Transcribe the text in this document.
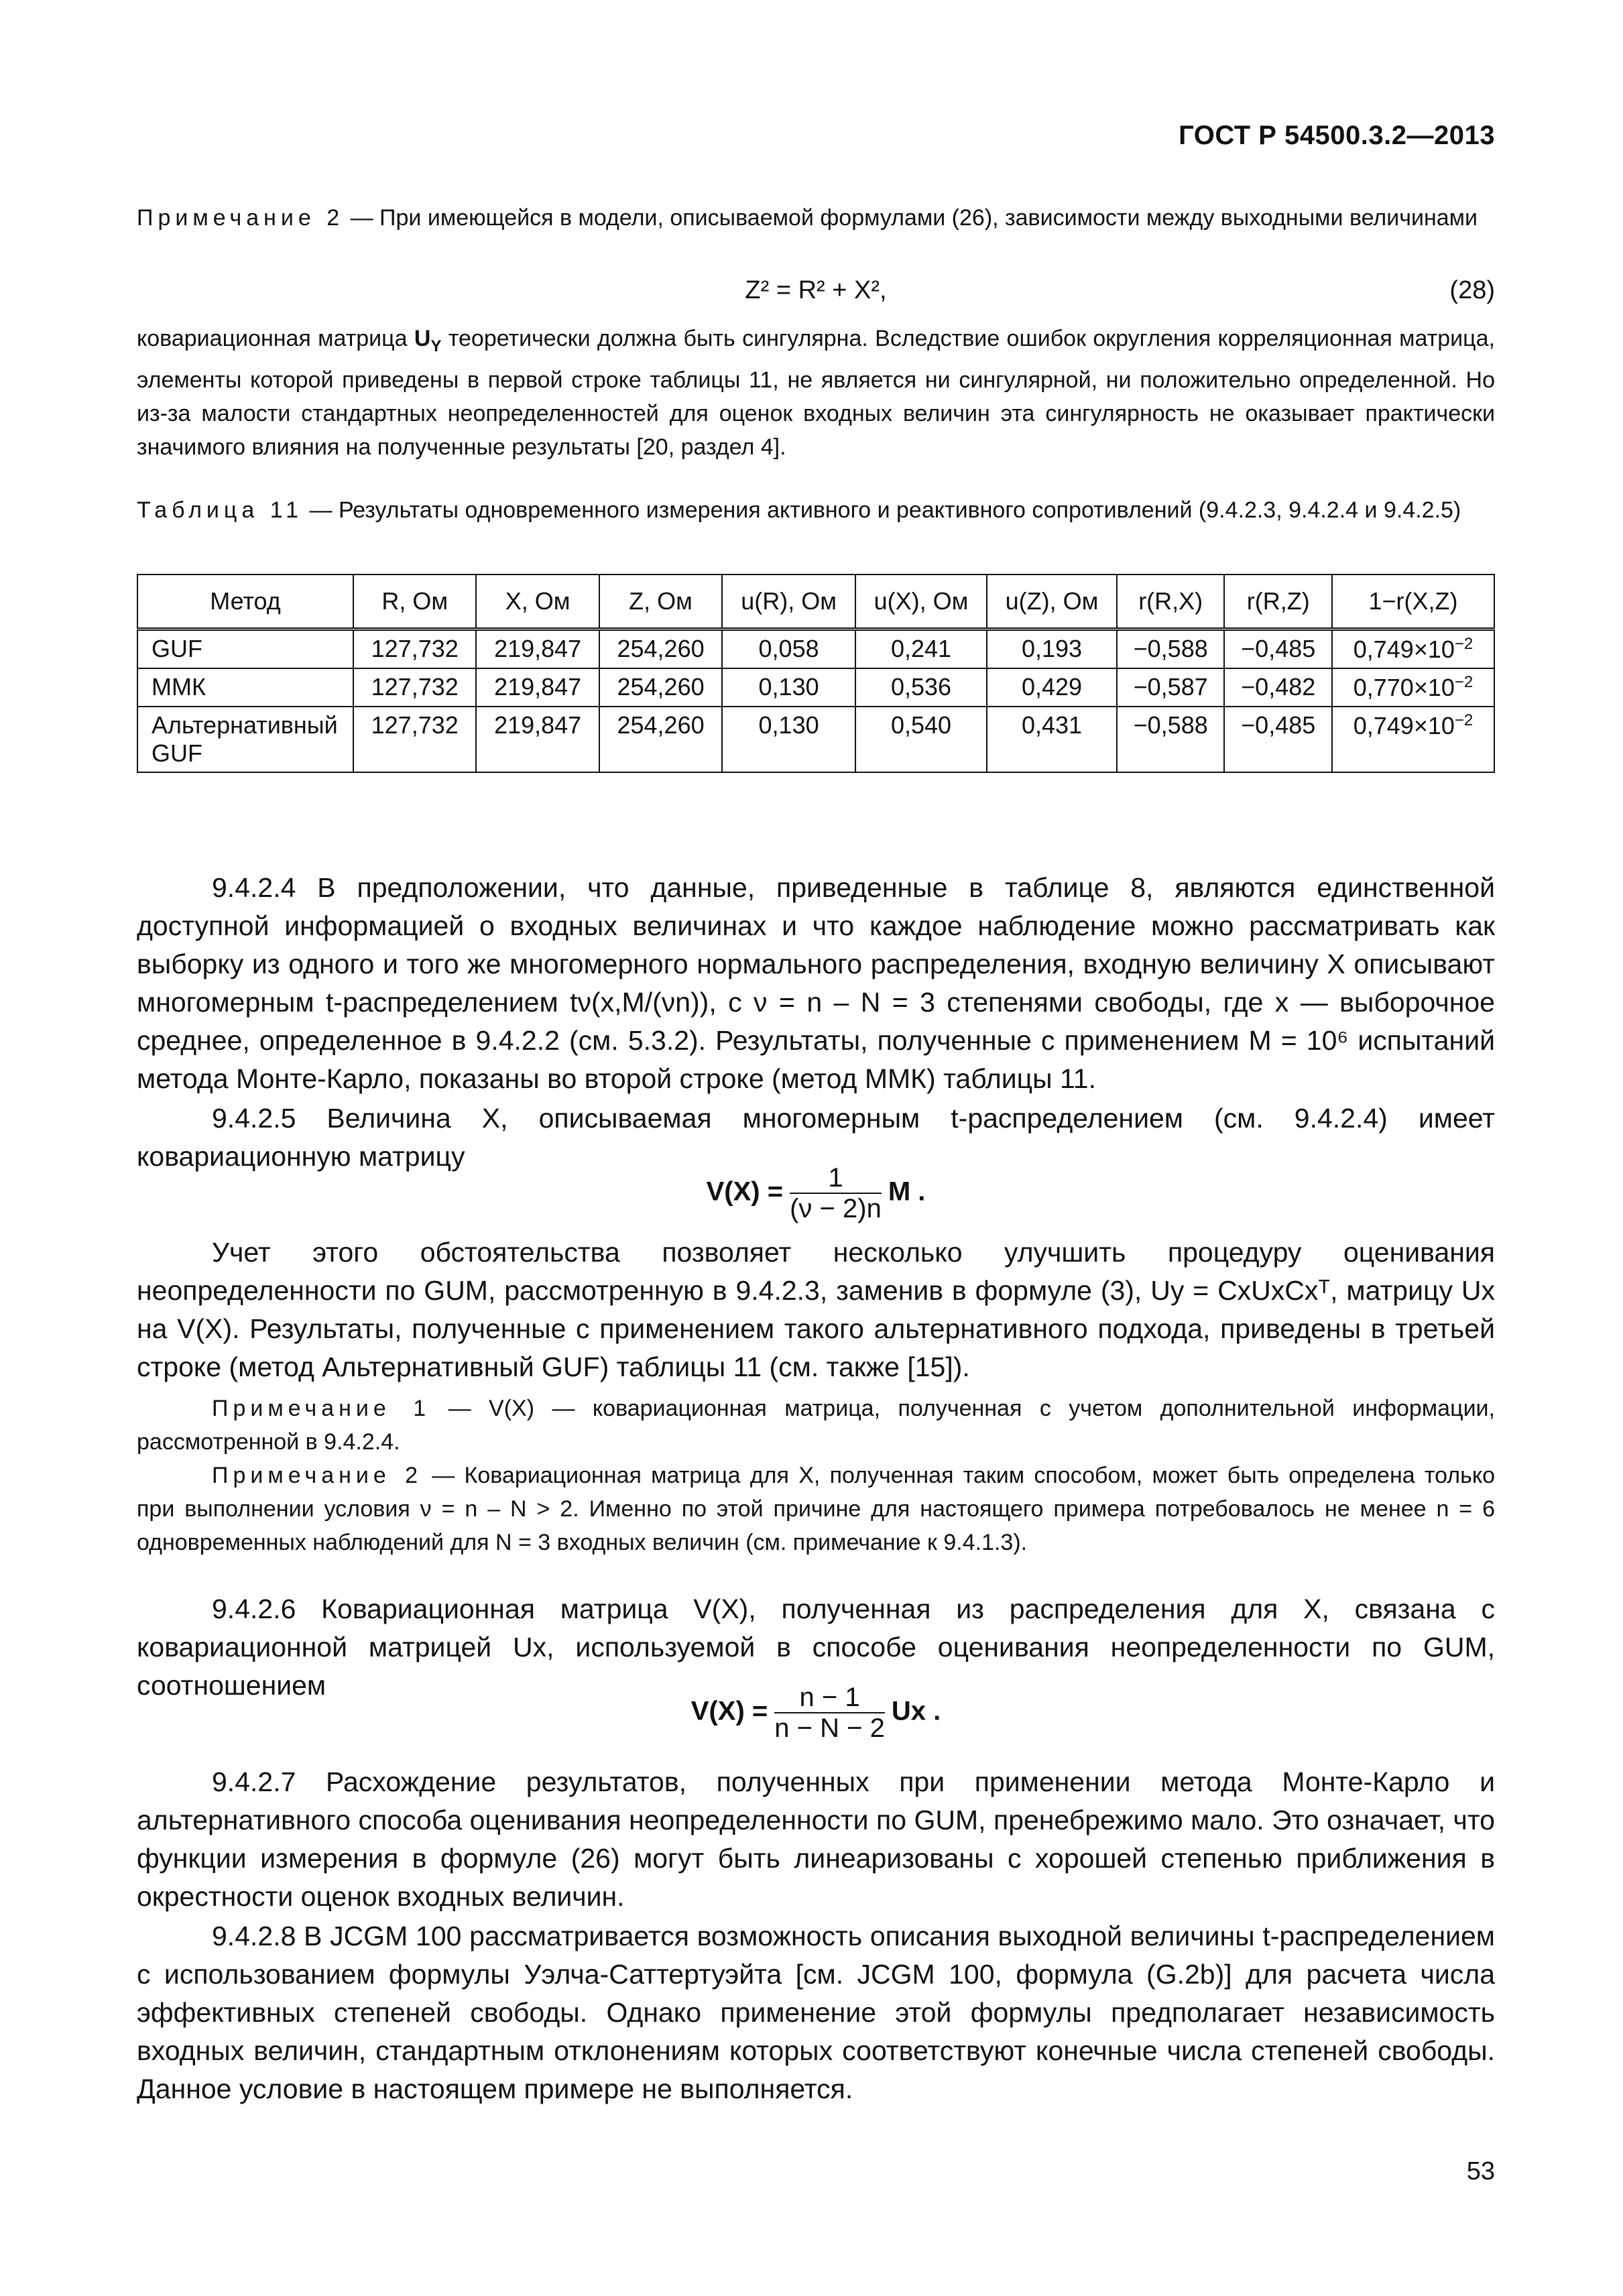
ГОСТ Р 54500.3.2—2013
Примечание 2 — При имеющейся в модели, описываемой формулами (26), зависимости между выходными величинами
Z² = R² + X²,	(28)
ковариационная матрица $U_Y$ теоретически должна быть сингулярна. Вследствие ошибок округления корреляционная матрица, элементы которой приведены в первой строке таблицы 11, не является ни сингулярной, ни положительно определенной. Но из-за малости стандартных неопределенностей для оценок входных величин эта сингулярность не оказывает практически значимого влияния на полученные результаты [20, раздел 4].
Таблица 11 — Результаты одновременного измерения активного и реактивного сопротивлений (9.4.2.3, 9.4.2.4 и 9.4.2.5)
Метод	R, Ом	X, Ом	Z, Ом	u(R), Ом	u(X), Ом	u(Z), Ом	r(R,X)	r(R,Z)	1−r(X,Z)
GUF	127,732	219,847	254,260	0,058	0,241	0,193	−0,588	−0,485	$0,749\times 10^{-2}$
ММК	127,732	219,847	254,260	0,130	0,536	0,429	−0,587	−0,482	$0,770\times 10^{-2}$
Альтернативный GUF	127,732	219,847	254,260	0,130	0,540	0,431	−0,588	−0,485	$0,749\times 10^{-2}$
9.4.2.4 В предположении, что данные, приведенные в таблице 8, являются единственной доступной информацией о входных величинах и что каждое наблюдение можно рассматривать как выборку из одного и того же многомерного нормального распределения, входную величину X описывают многомерным t-распределением tν(x,M/(νn)), с ν = n – N = 3 степенями свободы, где x — выборочное среднее, определенное в 9.4.2.2 (см. 5.3.2). Результаты, полученные с применением M = 10⁶ испытаний метода Монте-Карло, показаны во второй строке (метод ММК) таблицы 11.
9.4.2.5 Величина X, описываемая многомерным t-распределением (см. 9.4.2.4) имеет ковариационную матрицу
$V(X) = \frac{1}{(\nu - 2)n}$ M .
Учет этого обстоятельства позволяет несколько улучшить процедуру оценивания неопределенности по GUM, рассмотренную в 9.4.2.3, заменив в формуле (3), Uy = CxUxCxᵀ, матрицу Ux на V(X). Результаты, полученные с применением такого альтернативного подхода, приведены в третьей строке (метод Альтернативный GUF) таблицы 11 (см. также [15]).
Примечание 1 — V(X) — ковариационная матрица, полученная с учетом дополнительной информации, рассмотренной в 9.4.2.4.
Примечание 2 — Ковариационная матрица для X, полученная таким способом, может быть определена только при выполнении условия ν = n – N > 2. Именно по этой причине для настоящего примера потребовалось не менее n = 6 одновременных наблюдений для N = 3 входных величин (см. примечание к 9.4.1.3).
9.4.2.6 Ковариационная матрица V(X), полученная из распределения для X, связана с ковариационной матрицей Ux, используемой в способе оценивания неопределенности по GUM, соотношением
$V(X) = \frac{n - 1}{n - N - 2}$ Ux .
9.4.2.7 Расхождение результатов, полученных при применении метода Монте-Карло и альтернативного способа оценивания неопределенности по GUM, пренебрежимо мало. Это означает, что функции измерения в формуле (26) могут быть линеаризованы с хорошей степенью приближения в окрестности оценок входных величин.
9.4.2.8 В JCGM 100 рассматривается возможность описания выходной величины t-распределением с использованием формулы Уэлча-Саттертуэйта [см. JCGM 100, формула (G.2b)] для расчета числа эффективных степеней свободы. Однако применение этой формулы предполагает независимость входных величин, стандартным отклонениям которых соответствуют конечные числа степеней свободы. Данное условие в настоящем примере не выполняется.
53
